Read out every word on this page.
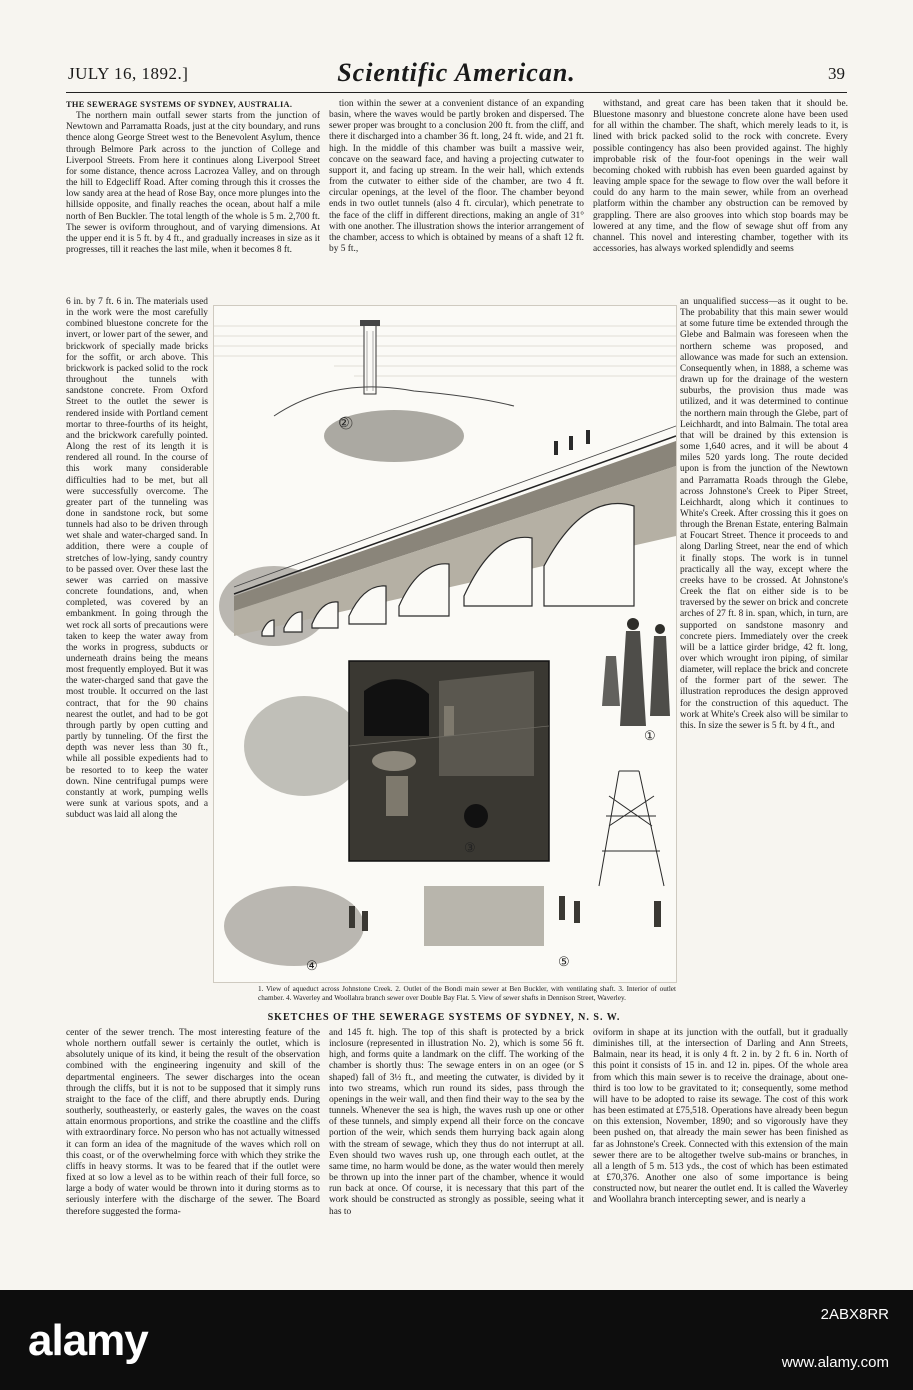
JULY 16, 1892.]	Scientific American.	39

THE SEWERAGE SYSTEMS OF SYDNEY, AUSTRALIA.

The northern main outfall sewer starts from the junction of Newtown and Parramatta Roads, just at the city boundary, and runs thence along George Street west to the Benevolent Asylum, thence through Belmore Park across to the junction of College and Liverpool Streets. From here it continues along Liverpool Street for some distance, thence across Lacrozea Valley, and on through the hill to Edgecliff Road. After coming through this it crosses the low sandy area at the head of Rose Bay, once more plunges into the hillside opposite, and finally reaches the ocean, about half a mile north of Ben Buckler. The total length of the whole is 5 m. 2,700 ft. The sewer is oviform throughout, and of varying dimensions. At the upper end it is 5 ft. by 4 ft., and gradually increases in size as it progresses, till it reaches the last mile, when it becomes 8 ft.

tion within the sewer at a convenient distance of an expanding basin, where the waves would be partly broken and dispersed. The sewer proper was brought to a conclusion 200 ft. from the cliff, and there it discharged into a chamber 36 ft. long, 24 ft. wide, and 21 ft. high. In the middle of this chamber was built a massive weir, concave on the seaward face, and having a projecting cutwater to support it, and facing up stream. In the weir hall, which extends from the cutwater to either side of the chamber, are two 4 ft. circular openings, at the level of the floor. The chamber beyond ends in two outlet tunnels (also 4 ft. circular), which penetrate to the face of the cliff in different directions, making an angle of 31° with one another. The illustration shows the interior arrangement of the chamber, access to which is obtained by means of a shaft 12 ft. by 5 ft.,

withstand, and great care has been taken that it should be. Bluestone masonry and bluestone concrete alone have been used for all within the chamber. The shaft, which merely leads to it, is lined with brick packed solid to the rock with concrete. Every possible contingency has also been provided against. The highly improbable risk of the four-foot openings in the weir wall becoming choked with rubbish has even been guarded against by leaving ample space for the sewage to flow over the wall before it could do any harm to the main sewer, while from an overhead platform within the chamber any obstruction can be removed by grappling. There are also grooves into which stop boards may be lowered at any time, and the flow of sewage shut off from any channel. This novel and interesting chamber, together with its accessories, has always worked splendidly and seems

6 in. by 7 ft. 6 in. The materials used in the work were the most carefully combined bluestone concrete for the invert, or lower part of the sewer, and brickwork of specially made bricks for the soffit, or arch above. This brickwork is packed solid to the rock throughout the tunnels with sandstone concrete. From Oxford Street to the outlet the sewer is rendered inside with Portland cement mortar to three-fourths of its height, and the brickwork carefully pointed. Along the rest of its length it is rendered all round. In the course of this work many considerable difficulties had to be met, but all were successfully overcome. The greater part of the tunneling was done in sandstone rock, but some tunnels had also to be driven through wet shale and water-charged sand. In addition, there were a couple of stretches of low-lying, sandy country to be passed over. Over these last the sewer was carried on massive concrete foundations, and, when completed, was covered by an embankment. In going through the wet rock all sorts of precautions were taken to keep the water away from the works in progress, subducts or underneath drains being the means most frequently employed. But it was the water-charged sand that gave the most trouble. It occurred on the last contract, that for the 90 chains nearest the outlet, and had to be got through partly by open cutting and partly by tunneling. Of the first the depth was never less than 30 ft., while all possible expedients had to be resorted to to keep the water down. Nine centrifugal pumps were constantly at work, pumping wells were sunk at various spots, and a subduct was laid all along the

an unqualified success—as it ought to be. The probability that this main sewer would at some future time be extended through the Glebe and Balmain was foreseen when the northern scheme was proposed, and allowance was made for such an extension. Consequently when, in 1888, a scheme was drawn up for the drainage of the western suburbs, the provision thus made was utilized, and it was determined to continue the northern main through the Glebe, part of Leichhardt, and into Balmain. The total area that will be drained by this extension is some 1,640 acres, and it will be about 4 miles 520 yards long. The route decided upon is from the junction of the Newtown and Parramatta Roads through the Glebe, across Johnstone's Creek to Piper Street, Leichhardt, along which it continues to White's Creek. After crossing this it goes on through the Brenan Estate, entering Balmain at Foucart Street. Thence it proceeds to and along Darling Street, near the end of which it finally stops. The work is in tunnel practically all the way, except where the creeks have to be crossed. At Johnstone's Creek the flat on either side is to be traversed by the sewer on brick and concrete arches of 27 ft. 8 in. span, which, in turn, are supported on sandstone masonry and concrete piers. Immediately over the creek will be a lattice girder bridge, 42 ft. long, over which wrought iron piping, of similar diameter, will replace the brick and concrete of the former part of the sewer. The illustration reproduces the design approved for the construction of this aqueduct. The work at White's Creek also will be similar to this. In size the sewer is 5 ft. by 4 ft., and

②
①
③
④	⑤
1. View of aqueduct across Johnstone Creek. 2. Outlet of the Bondi main sewer at Ben Buckler, with ventilating shaft. 3. Interior of outlet chamber. 4. Waverley and Woollahra branch sewer over Double Bay Flat. 5. View of sewer shafts in Dennison Street, Waverley.
SKETCHES OF THE SEWERAGE SYSTEMS OF SYDNEY, N. S. W.

center of the sewer trench. The most interesting feature of the whole northern outfall sewer is certainly the outlet, which is absolutely unique of its kind, it being the result of the observation combined with the engineering ingenuity and skill of the departmental engineers. The sewer discharges into the ocean through the cliffs, but it is not to be supposed that it simply runs straight to the face of the cliff, and there abruptly ends. During southerly, southeasterly, or easterly gales, the waves on the coast attain enormous proportions, and strike the coastline and the cliffs with extraordinary force. No person who has not actually witnessed it can form an idea of the magnitude of the waves which roll on this coast, or of the overwhelming force with which they strike the cliffs in heavy storms. It was to be feared that if the outlet were fixed at so low a level as to be within reach of their full force, so large a body of water would be thrown into it during storms as to seriously interfere with the discharge of the sewer. The Board therefore suggested the forma-

and 145 ft. high. The top of this shaft is protected by a brick inclosure (represented in illustration No. 2), which is some 56 ft. high, and forms quite a landmark on the cliff. The working of the chamber is shortly thus: The sewage enters in on an ogee (or S shaped) fall of 3½ ft., and meeting the cutwater, is divided by it into two streams, which run round its sides, pass through the openings in the weir wall, and then find their way to the sea by the tunnels. Whenever the sea is high, the waves rush up one or other of these tunnels, and simply expend all their force on the concave portion of the weir, which sends them hurrying back again along with the stream of sewage, which they thus do not interrupt at all. Even should two waves rush up, one through each outlet, at the same time, no harm would be done, as the water would then merely be thrown up into the inner part of the chamber, whence it would run back at once. Of course, it is necessary that this part of the work should be constructed as strongly as possible, seeing what it has to

oviform in shape at its junction with the outfall, but it gradually diminishes till, at the intersection of Darling and Ann Streets, Balmain, near its head, it is only 4 ft. 2 in. by 2 ft. 6 in. North of this point it consists of 15 in. and 12 in. pipes. Of the whole area from which this main sewer is to receive the drainage, about one-third is too low to be gravitated to it; consequently, some method will have to be adopted to raise its sewage. The cost of this work has been estimated at £75,518. Operations have already been begun on this extension, November, 1890; and so vigorously have they been pushed on, that already the main sewer has been finished as far as Johnstone's Creek. Connected with this extension of the main sewer there are to be altogether twelve sub-mains or branches, in all a length of 5 m. 513 yds., the cost of which has been estimated at £70,376. Another one also of some importance is being constructed now, but nearer the outlet end. It is called the Waverley and Woollahra branch intercepting sewer, and is nearly a

alamy
2ABX8RR
www.alamy.com
